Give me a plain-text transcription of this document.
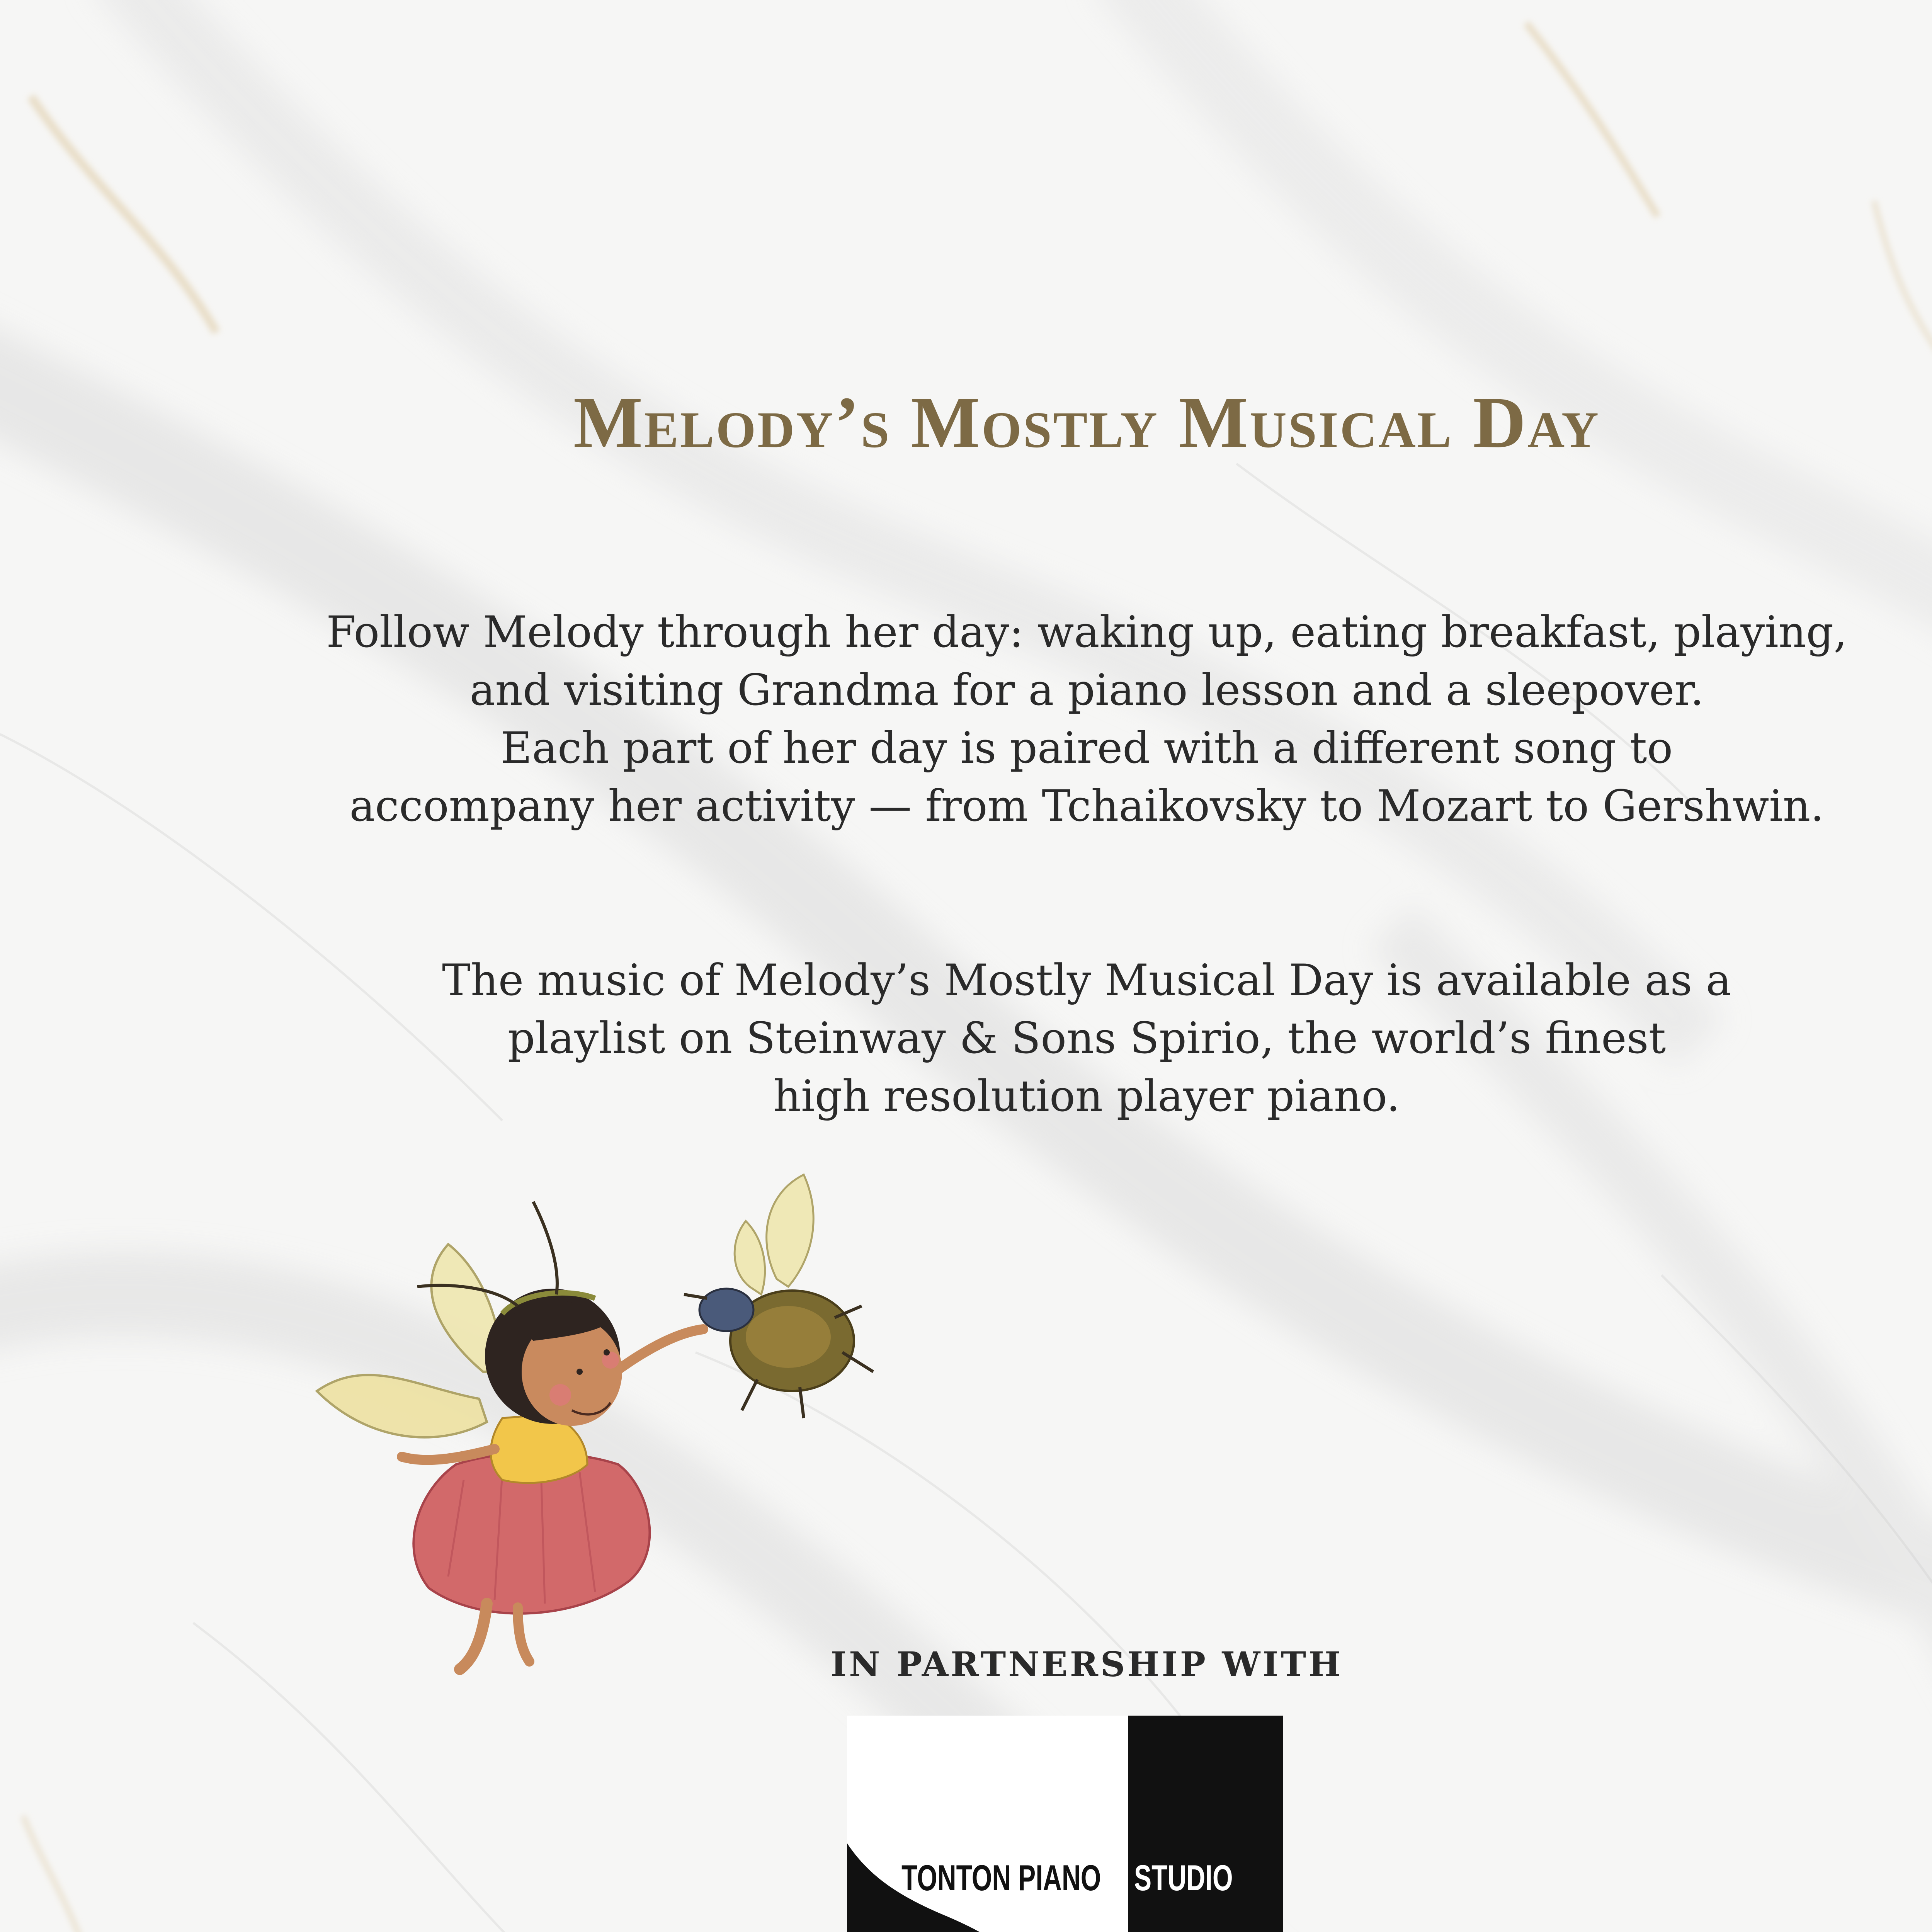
Melody’s Mostly Musical Day

Follow Melody through her day: waking up, eating breakfast, playing,
and visiting Grandma for a piano lesson and a sleepover.
Each part of her day is paired with a different song to
accompany her activity — from Tchaikovsky to Mozart to Gershwin.

The music of Melody’s Mostly Musical Day is available as a
playlist on Steinway & Sons Spirio, the world’s finest
high resolution player piano.

IN PARTNERSHIP WITH

TONTON PIANO STUDIO
